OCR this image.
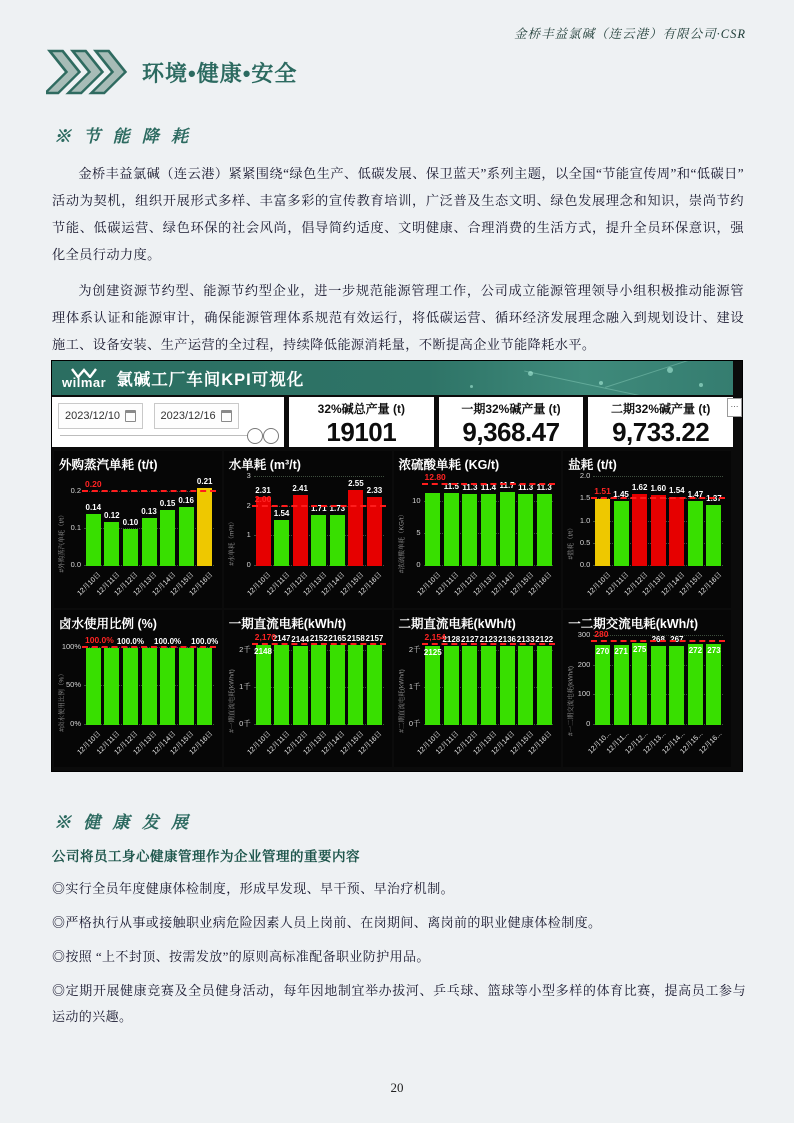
金桥丰益氯碱（连云港）有限公司·CSR
环境•健康•安全
※ 节 能 降 耗

金桥丰益氯碱（连云港）紧紧围绕“绿色生产、低碳发展、保卫蓝天”系列主题，以全国“节能宣传周”和“低碳日”活动为契机，组织开展形式多样、丰富多彩的宣传教育培训，广泛普及生态文明、绿色发展理念和知识，崇尚节约节能、低碳运营、绿色环保的社会风尚，倡导简约适度、文明健康、合理消费的生活方式，提升全员环保意识，强化全员行动力度。

为创建资源节约型、能源节约型企业，进一步规范能源管理工作，公司成立能源管理领导小组积极推动能源管理体系认证和能源审计，确保能源管理体系规范有效运行，将低碳运营、循环经济发展理念融入到规划设计、建设施工、设备安装、生产运营的全过程，持续降低能源消耗量，不断提高企业节能降耗水平。

wilmar 氯碱工厂车间KPI可视化
⋯
2023/12/10
	2023/12/16	32%碱总产量 (t)
19101
一期32%碱产量 (t)
9,368.47
二期32%碱产量 (t)
9,733.22
外购蒸汽单耗 (t/t)
#外购蒸汽单耗（t/t） 0.0
0.1
0.2
0.20
0.14
12月10日
0.12
12月11日
0.10
12月12日
0.13
12月13日
0.15
12月14日
0.16
12月15日
0.21
12月16日
水单耗 (m³/t)
#水单耗（m³/t） 0
1
2
3
2.00
2.31
12月10日
1.54
12月11日
2.41
12月12日
1.71
12月13日
1.73
12月14日
2.55
12月15日
2.33
12月16日
浓硫酸单耗 (KG/t)
#浓硫酸单耗（KG/t） 0
5
10
12.80
12月10日
11.5
12月11日
11.3
12月12日
11.4
12月13日
11.7
12月14日
11.3
12月15日
11.3
12月16日
盐耗 (t/t)
#盐耗（t/t）
0.0
0.5
1.0
1.5
2.0
1.51
12月10日
1.45
12月11日
1.62
12月12日
1.60
12月13日
1.54
12月14日
1.47
12月15日
1.37
12月16日
卤水使用比例 (%)
#卤水使用比例（%） 0%
50%
100%
100.0%
12月10日
12月11日
100.0%
12月12日
12月13日
100.0%
12月14日
12月15日
100.0%
12月16日
一期直流电耗(kWh/t)
#一期直流电耗(kWh/t) 0千
1千
2千
2,170
2148
12月10日
2147
12月11日
2144
12月12日
2152
12月13日
2165
12月14日
2158
12月15日
2157
12月16日
二期直流电耗(kWh/t)
#二期直流电耗(kWh/t) 0千
1千
2千
2,154
2125
12月10日
2128
12月11日
2127
12月12日
2123
12月13日
2136
12月14日
2133
12月15日
2122
12月16日
一二期交流电耗(kWh/t)
#一二期交流电耗(kWh/t) 0
100
200
300 280
270
12月10...
271
12月11...
275
12月12...
268
12月13...
267
12月14...
272
12月15...
273
12月16...
※ 健 康 发 展
公司将员工身心健康管理作为企业管理的重要内容

◎实行全员年度健康体检制度，形成早发现、早干预、早治疗机制。

◎严格执行从事或接触职业病危险因素人员上岗前、在岗期间、离岗前的职业健康体检制度。

◎按照 “上不封顶、按需发放”的原则高标准配备职业防护用品。

◎定期开展健康竞赛及全员健身活动，每年因地制宜举办拔河、乒乓球、篮球等小型多样的体育比赛，提高员工参与运动的兴趣。

20
